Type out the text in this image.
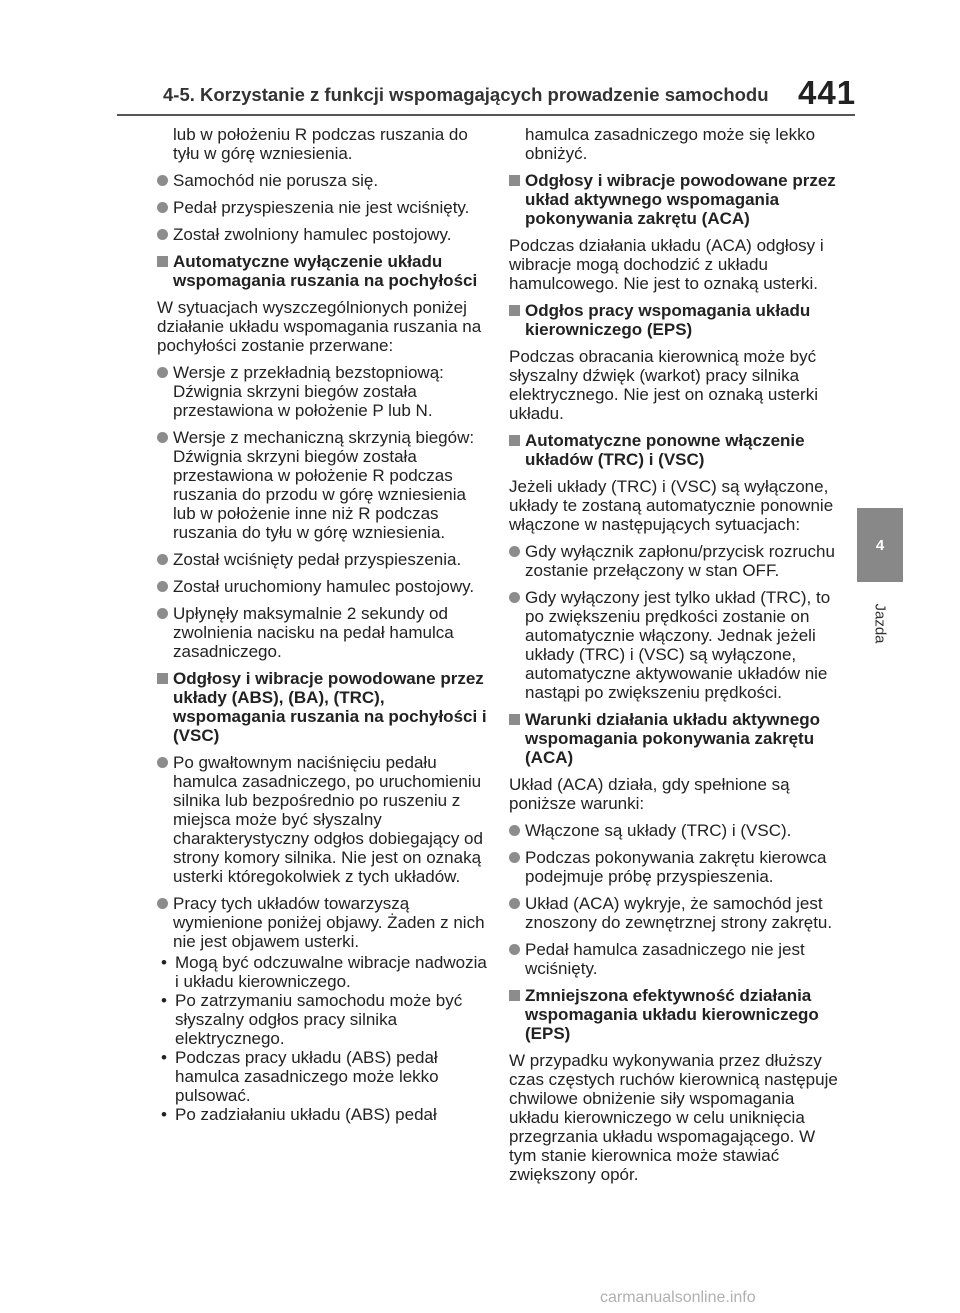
4-5. Korzystanie z funkcji wspomagających prowadzenie samochodu 441
4
Jazda

lub w położeniu R podczas ruszania do tyłu w górę wzniesienia.

Samochód nie porusza się.
Pedał przyspieszenia nie jest wciśnięty.
Został zwolniony hamulec postojowy.
Automatyczne wyłączenie układu wspomagania ruszania na pochyłości

W sytuacjach wyszczególnionych poniżej działanie układu wspomagania ruszania na pochyłości zostanie przerwane:

Wersje z przekładnią bezstopniową: Dźwignia skrzyni biegów została przestawiona w położenie P lub N.
Wersje z mechaniczną skrzynią biegów: Dźwignia skrzyni biegów została przestawiona w położenie R podczas ruszania do przodu w górę wzniesienia lub w położenie inne niż R podczas ruszania do tyłu w górę wzniesienia.
Został wciśnięty pedał przyspieszenia.
Został uruchomiony hamulec postojowy.
Upłynęły maksymalnie 2 sekundy od zwolnienia nacisku na pedał hamulca zasadniczego.
Odgłosy i wibracje powodowane przez układy (ABS), (BA), (TRC), wspomagania ruszania na pochyłości i (VSC)
Po gwałtownym naciśnięciu pedału hamulca zasadniczego, po uruchomieniu silnika lub bezpośrednio po ruszeniu z miejsca może być słyszalny charakterystyczny odgłos dobiegający od strony komory silnika. Nie jest on oznaką usterki któregokolwiek z tych układów.
Pracy tych układów towarzyszą wymienione poniżej objawy. Żaden z nich nie jest objawem usterki.
• Mogą być odczuwalne wibracje nadwozia i układu kierowniczego.
• Po zatrzymaniu samochodu może być słyszalny odgłos pracy silnika elektrycznego.
• Podczas pracy układu (ABS) pedał hamulca zasadniczego może lekko pulsować.
• Po zadziałaniu układu (ABS) pedał

hamulca zasadniczego może się lekko obniżyć.

Odgłosy i wibracje powodowane przez układ aktywnego wspomagania pokonywania zakrętu (ACA)

Podczas działania układu (ACA) odgłosy i wibracje mogą dochodzić z układu hamulcowego. Nie jest to oznaką usterki.

Odgłos pracy wspomagania układu kierowniczego (EPS)

Podczas obracania kierownicą może być słyszalny dźwięk (warkot) pracy silnika elektrycznego. Nie jest on oznaką usterki układu.

Automatyczne ponowne włączenie układów (TRC) i (VSC)

Jeżeli układy (TRC) i (VSC) są wyłączone, układy te zostaną automatycznie ponownie włączone w następujących sytuacjach:

Gdy wyłącznik zapłonu/przycisk rozruchu zostanie przełączony w stan OFF.
Gdy wyłączony jest tylko układ (TRC), to po zwiększeniu prędkości zostanie on automatycznie włączony. Jednak jeżeli układy (TRC) i (VSC) są wyłączone, automatyczne aktywowanie układów nie nastąpi po zwiększeniu prędkości.
Warunki działania układu aktywnego wspomagania pokonywania zakrętu (ACA)

Układ (ACA) działa, gdy spełnione są poniższe warunki:

Włączone są układy (TRC) i (VSC).
Podczas pokonywania zakrętu kierowca podejmuje próbę przyspieszenia.
Układ (ACA) wykryje, że samochód jest znoszony do zewnętrznej strony zakrętu.
Pedał hamulca zasadniczego nie jest wciśnięty.
Zmniejszona efektywność działania wspomagania układu kierowniczego (EPS)

W przypadku wykonywania przez dłuższy czas częstych ruchów kierownicą następuje chwilowe obniżenie siły wspomagania układu kierowniczego w celu uniknięcia przegrzania układu wspomagającego. W tym stanie kierownica może stawiać zwiększony opór.

carmanualsonline.info
